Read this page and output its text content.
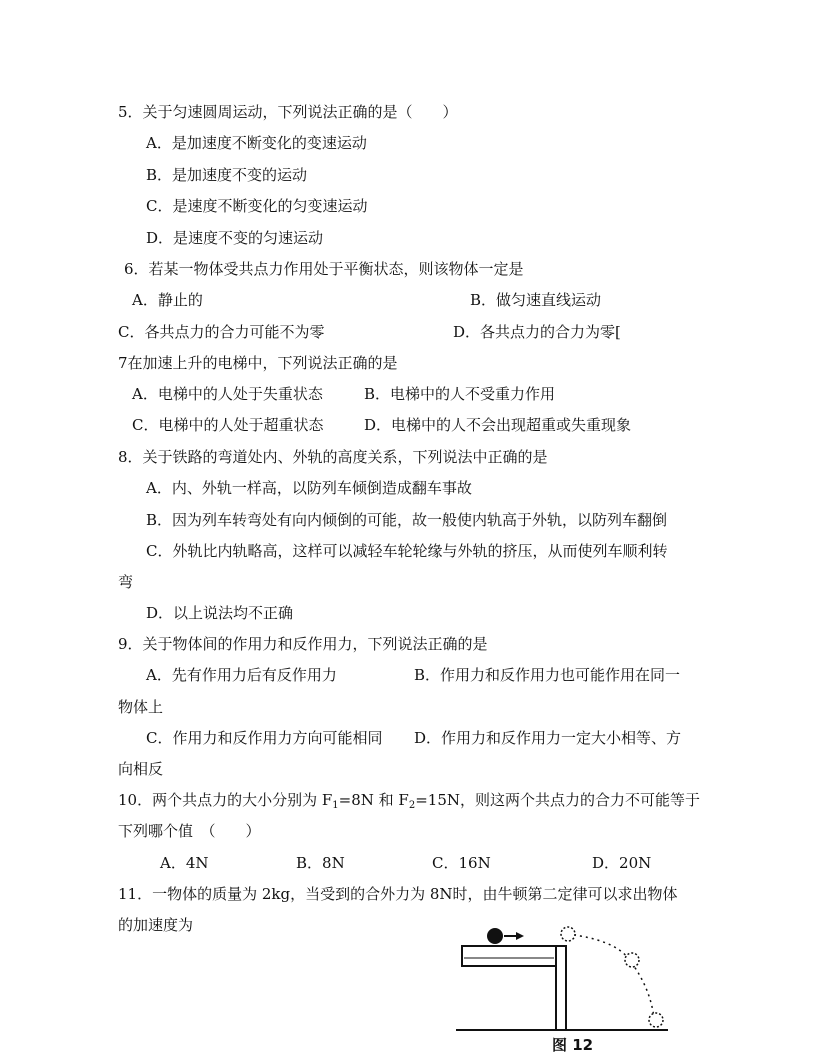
5．关于匀速圆周运动，下列说法正确的是（　　）
A．是加速度不断变化的变速运动
B．是加速度不变的运动
C．是速度不断变化的匀变速运动
D．是速度不变的匀速运动
6．若某一物体受共点力作用处于平衡状态，则该物体一定是
A．静止的	B．做匀速直线运动
C．各共点力的合力可能不为零	D．各共点力的合力为零[
7在加速上升的电梯中，下列说法正确的是
A．电梯中的人处于失重状态	B．电梯中的人不受重力作用
C．电梯中的人处于超重状态	D．电梯中的人不会出现超重或失重现象
8．关于铁路的弯道处内、外轨的高度关系，下列说法中正确的是
A．内、外轨一样高，以防列车倾倒造成翻车事故
B．因为列车转弯处有向内倾倒的可能，故一般使内轨高于外轨，以防列车翻倒
C．外轨比内轨略高，这样可以减轻车轮轮缘与外轨的挤压，从而使列车顺利转
弯
D．以上说法均不正确
9．关于物体间的作用力和反作用力，下列说法正确的是
A．先有作用力后有反作用力	B．作用力和反作用力也可能作用在同一
物体上
C．作用力和反作用力方向可能相同 D．作用力和反作用力一定大小相等、方
向相反
10．两个共点力的大小分别为 $F_1=8N$ 和 $F_2=15N$，则这两个共点力的合力不可能等于
下列哪个值　（　　）
A．4N	B．8N	C．16N	D．20N
11．一物体的质量为 2kg，当受到的合外力为 8N时，由牛顿第二定律可以求出物体
的加速度为
图 12
